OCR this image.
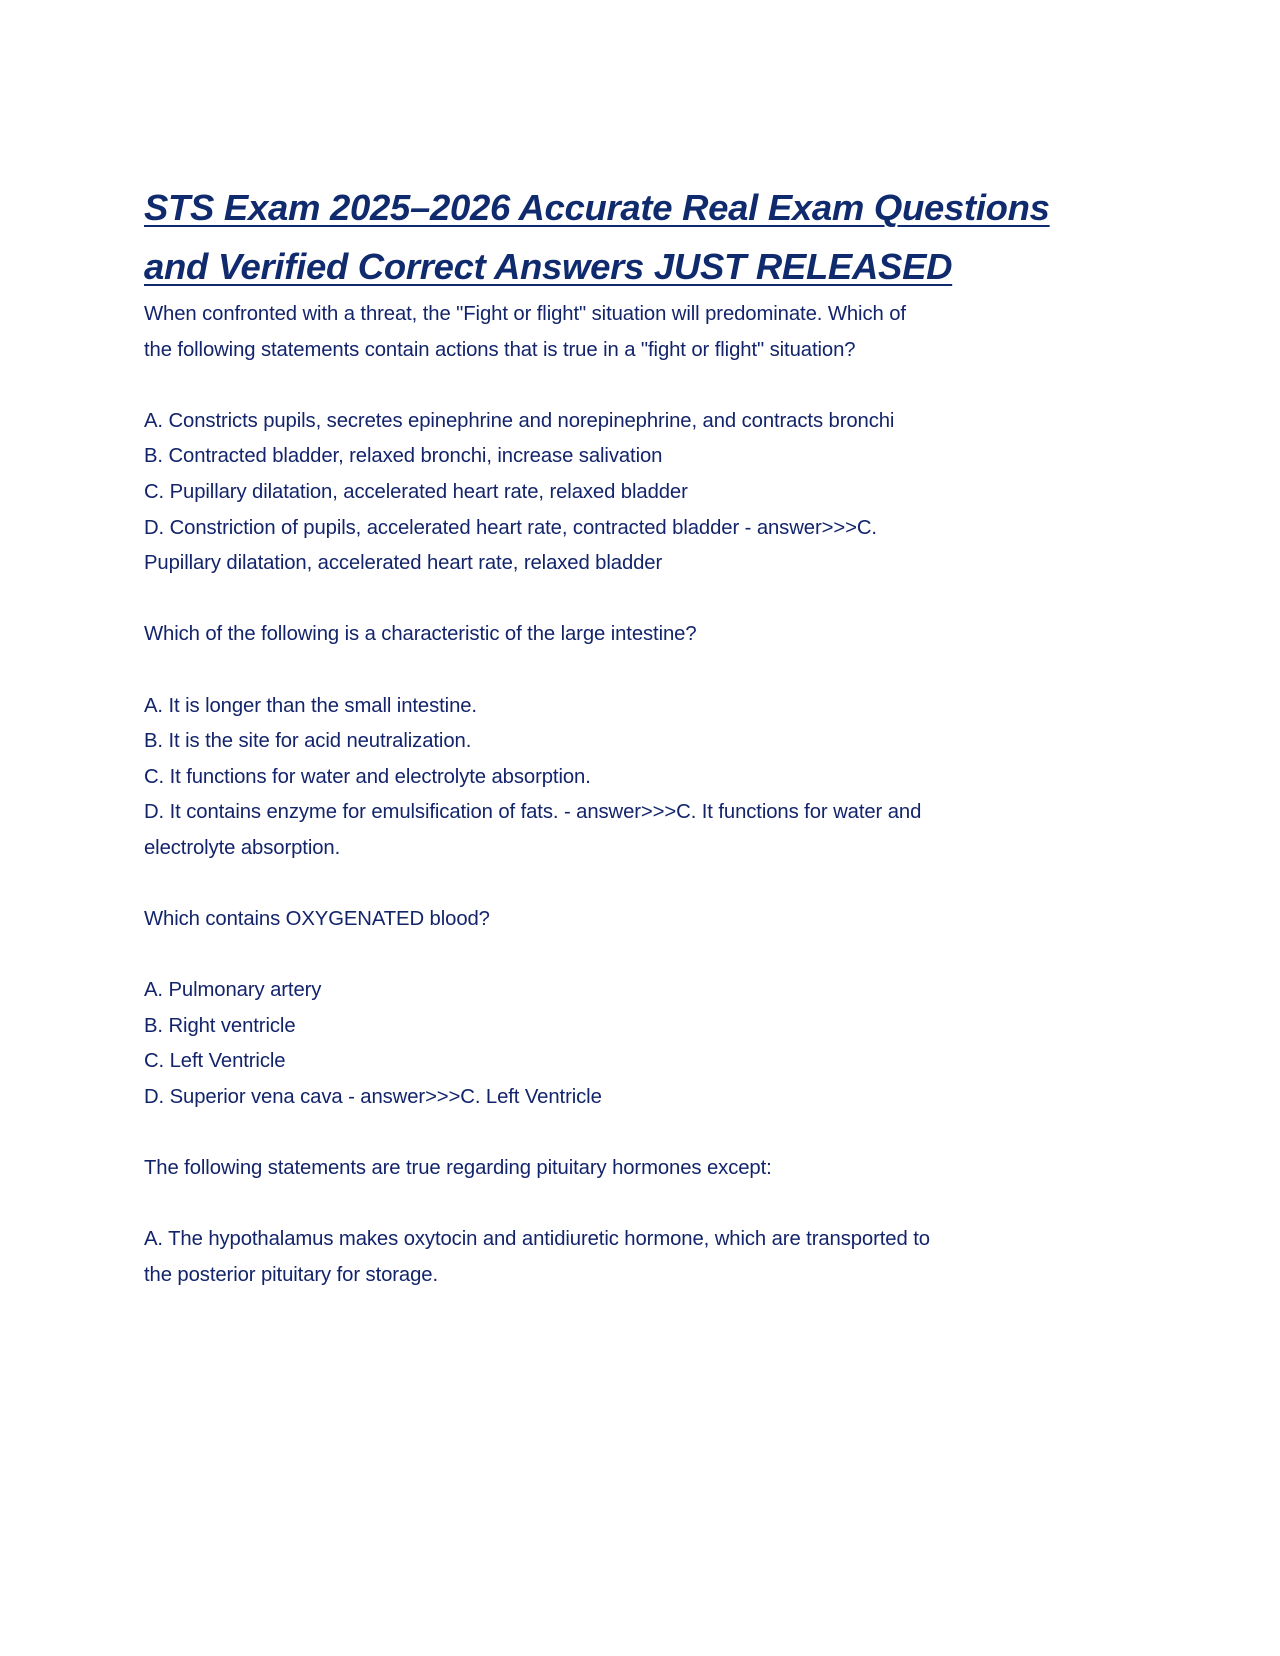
STS Exam 2025–2026 Accurate Real Exam Questions
and Verified Correct Answers JUST RELEASED

When confronted with a threat, the "Fight or flight" situation will predominate. Which of

the following statements contain actions that is true in a "fight or flight" situation?

A. Constricts pupils, secretes epinephrine and norepinephrine, and contracts bronchi

B. Contracted bladder, relaxed bronchi, increase salivation

C. Pupillary dilatation, accelerated heart rate, relaxed bladder

D. Constriction of pupils, accelerated heart rate, contracted bladder - answer>>>C.

Pupillary dilatation, accelerated heart rate, relaxed bladder

Which of the following is a characteristic of the large intestine?

A. It is longer than the small intestine.

B. It is the site for acid neutralization.

C. It functions for water and electrolyte absorption.

D. It contains enzyme for emulsification of fats. - answer>>>C. It functions for water and

electrolyte absorption.

Which contains OXYGENATED blood?

A. Pulmonary artery

B. Right ventricle

C. Left Ventricle

D. Superior vena cava - answer>>>C. Left Ventricle

The following statements are true regarding pituitary hormones except:

A. The hypothalamus makes oxytocin and antidiuretic hormone, which are transported to

the posterior pituitary for storage.
